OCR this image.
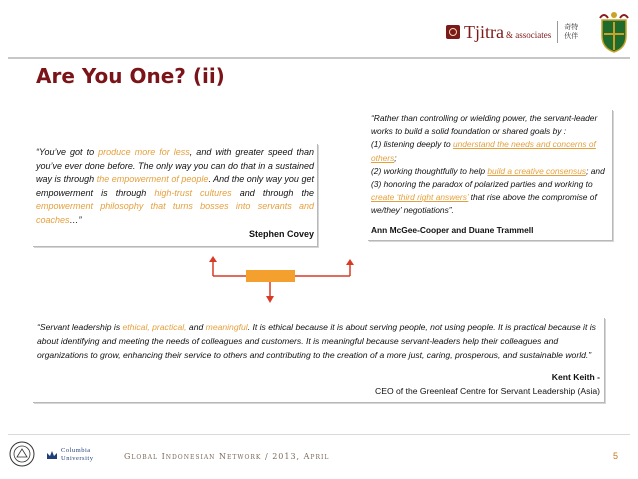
Tjitra & associates
奇特
伙伴
Are You One? (ii)
“You’ve got to produce more for less, and with greater speed than you’ve ever done before. The only way you can do that in a sustained way is through the empowerment of people. And the only way you get empowerment is through high-trust cultures and through the empowerment philosophy that turns bosses into servants and coaches…”
Stephen Covey
“Rather than controlling or wielding power, the servant-leader works to build a solid foundation or shared goals by :
(1) listening deeply to understand the needs and concerns of others;
(2) working thoughtfully to help build a creative consensus; and
(3) honoring the paradox of polarized parties and working to create ‘third right answers’ that rise above the compromise of we/they’ negotiations”.
Ann McGee-Cooper and Duane Trammell
“Servant leadership is ethical, practical, and meaningful. It is ethical because it is about serving people, not using people. It is practical because it is about identifying and meeting the needs of colleagues and customers. It is meaningful because servant-leaders help their colleagues and organizations to grow, enhancing their service to others and contributing to the creation of a more just, caring, prosperous, and sustainable world.”
Kent Keith -
CEO of the Greenleaf Centre for Servant Leadership (Asia)
Columbia
University	Global Indonesian Network / 2013, April	5
